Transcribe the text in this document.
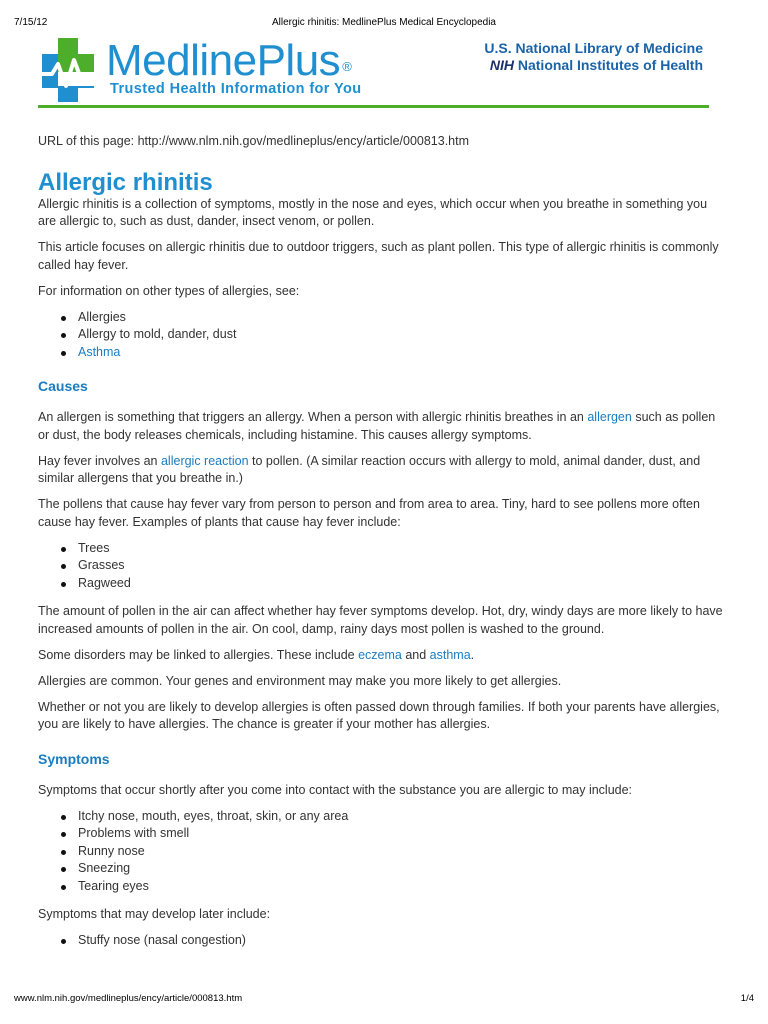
7/15/12	Allergic rhinitis: MedlinePlus Medical Encyclopedia
MedlinePlus ®
Trusted Health Information for You
U.S. National Library of Medicine
NIH National Institutes of Health

URL of this page: http://www.nlm.nih.gov/medlineplus/ency/article/000813.htm

Allergic rhinitis

Allergic rhinitis is a collection of symptoms, mostly in the nose and eyes, which occur when you breathe in something you are allergic to, such as dust, dander, insect venom, or pollen.

This article focuses on allergic rhinitis due to outdoor triggers, such as plant pollen. This type of allergic rhinitis is commonly called hay fever.

For information on other types of allergies, see:

Allergies
Allergy to mold, dander, dust
Asthma
Causes

An allergen is something that triggers an allergy. When a person with allergic rhinitis breathes in an allergen such as pollen or dust, the body releases chemicals, including histamine. This causes allergy symptoms.

Hay fever involves an allergic reaction to pollen. (A similar reaction occurs with allergy to mold, animal dander, dust, and similar allergens that you breathe in.)

The pollens that cause hay fever vary from person to person and from area to area. Tiny, hard to see pollens more often cause hay fever. Examples of plants that cause hay fever include:

Trees
Grasses
Ragweed

The amount of pollen in the air can affect whether hay fever symptoms develop. Hot, dry, windy days are more likely to have increased amounts of pollen in the air. On cool, damp, rainy days most pollen is washed to the ground.

Some disorders may be linked to allergies. These include eczema and asthma.

Allergies are common. Your genes and environment may make you more likely to get allergies.

Whether or not you are likely to develop allergies is often passed down through families. If both your parents have allergies, you are likely to have allergies. The chance is greater if your mother has allergies.

Symptoms

Symptoms that occur shortly after you come into contact with the substance you are allergic to may include:

Itchy nose, mouth, eyes, throat, skin, or any area
Problems with smell
Runny nose
Sneezing
Tearing eyes

Symptoms that may develop later include:

Stuffy nose (nasal congestion)
www.nlm.nih.gov/medlineplus/ency/article/000813.htm	1/4
